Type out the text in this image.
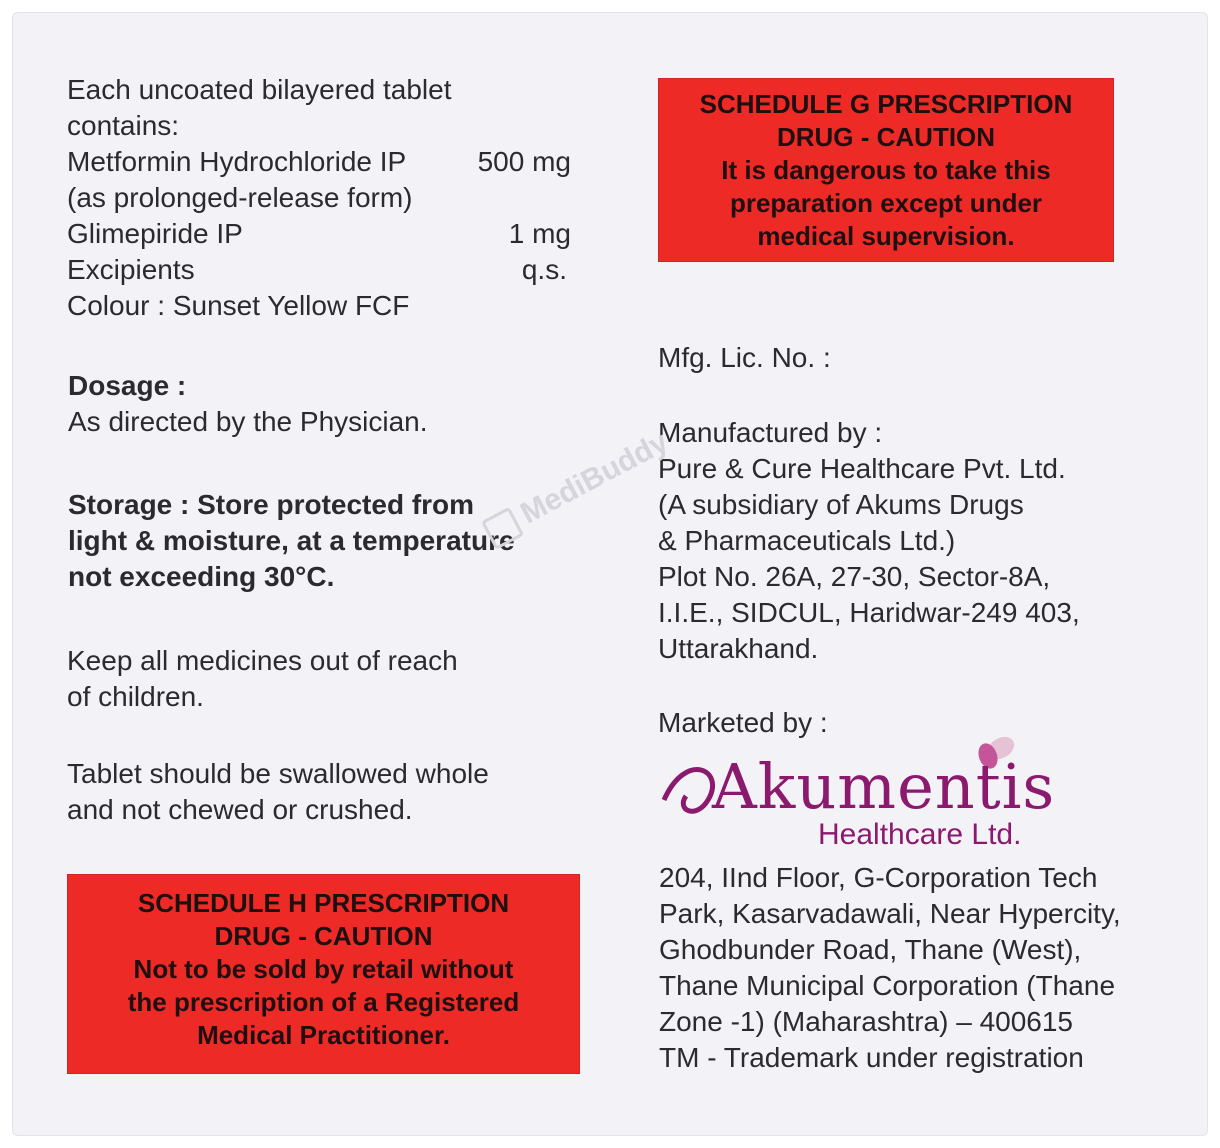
Each uncoated bilayered tablet
contains:
Metformin Hydrochloride IP	500 mg
(as prolonged-release form)
Glimepiride IP	1 mg
Excipients	q.s.
Colour : Sunset Yellow FCF
Dosage :
As directed by the Physician.
Storage : Store protected from
light & moisture, at a temperature
not exceeding 30°C.
Keep all medicines out of reach
of children.
Tablet should be swallowed whole
and not chewed or crushed.
SCHEDULE H PRESCRIPTION
DRUG - CAUTION
Not to be sold by retail without
the prescription of a Registered
Medical Practitioner.
SCHEDULE G PRESCRIPTION
DRUG - CAUTION
It is dangerous to take this
preparation except under
medical supervision.
Mfg. Lic. No. :
Manufactured by :
Pure & Cure Healthcare Pvt. Ltd.
(A subsidiary of Akums Drugs
& Pharmaceuticals Ltd.)
Plot No. 26A, 27-30, Sector-8A,
I.I.E., SIDCUL, Haridwar-249 403,
Uttarakhand.
Marketed by :
Akumentis
Healthcare Ltd.
204, IInd Floor, G-Corporation Tech
Park, Kasarvadawali, Near Hypercity,
Ghodbunder Road, Thane (West),
Thane Municipal Corporation (Thane
Zone -1) (Maharashtra) – 400615
TM - Trademark under registration
MediBuddy
